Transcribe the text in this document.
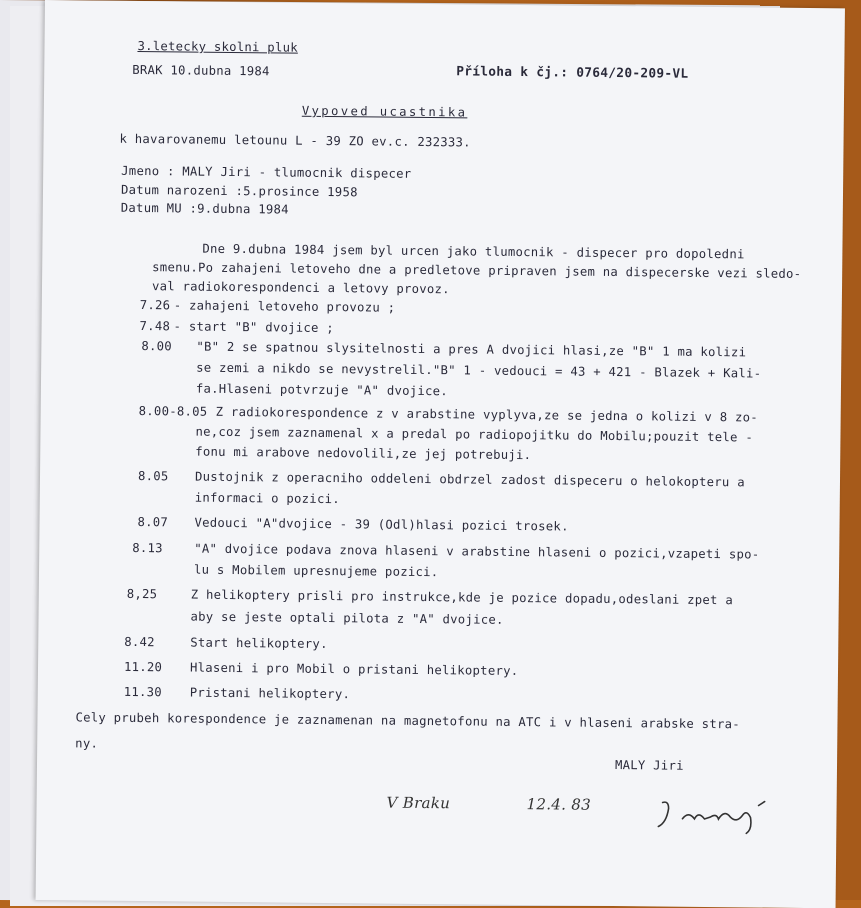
3.letecky skolni pluk
BRAK 10.dubna 1984	Příloha k čj.: 0764/20-209-VL
Vypoved ucastnika
k havarovanemu letounu L - 39 ZO ev.c. 232333.
Jmeno : MALY Jiri - tlumocnik dispecer
Datum narozeni :5.prosince 1958
Datum MU :9.dubna 1984
Dne 9.dubna 1984 jsem byl urcen jako tlumocnik - dispecer pro dopoledni
smenu.Po zahajeni letoveho dne a predletove pripraven jsem na dispecerske vezi sledo-
val radiokorespondenci a letovy provoz.
7.26 - zahajeni letoveho provozu ;
7.48 - start "B" dvojice ;
8.00 "B" 2 se spatnou slysitelnosti a pres A dvojici hlasi,ze "B" 1 ma kolizi
se zemi a nikdo se nevystrelil."B" 1 - vedouci = 43 + 421 - Blazek + Kali-
fa.Hlaseni potvrzuje "A" dvojice.
8.00-8.05 Z radiokorespondence z v arabstine vyplyva,ze se jedna o kolizi v 8 zo-
ne,coz jsem zaznamenal x a predal po radiopojitku do Mobilu;pouzit tele -
fonu mi arabove nedovolili,ze jej potrebuji.
8.05 Dustojnik z operacniho oddeleni obdrzel zadost dispeceru o helokopteru a
informaci o pozici.
8.07 Vedouci "A"dvojice - 39 (Odl)hlasi pozici trosek.
8.13	"A" dvojice podava znova hlaseni v arabstine hlaseni o pozici,vzapeti spo-
lu s Mobilem upresnujeme pozici.
8,25	Z helikoptery prisli pro instrukce,kde je pozice dopadu,odeslani zpet a
aby se jeste optali pilota z "A" dvojice.
8.42	Start helikoptery.
11.20 Hlaseni i pro Mobil o pristani helikoptery.
11.30 Pristani helikoptery.
Cely prubeh korespondence je zaznamenan na magnetofonu na ATC i v hlaseni arabske stra-
ny.
MALY Jiri
V Braku	12.4. 83
